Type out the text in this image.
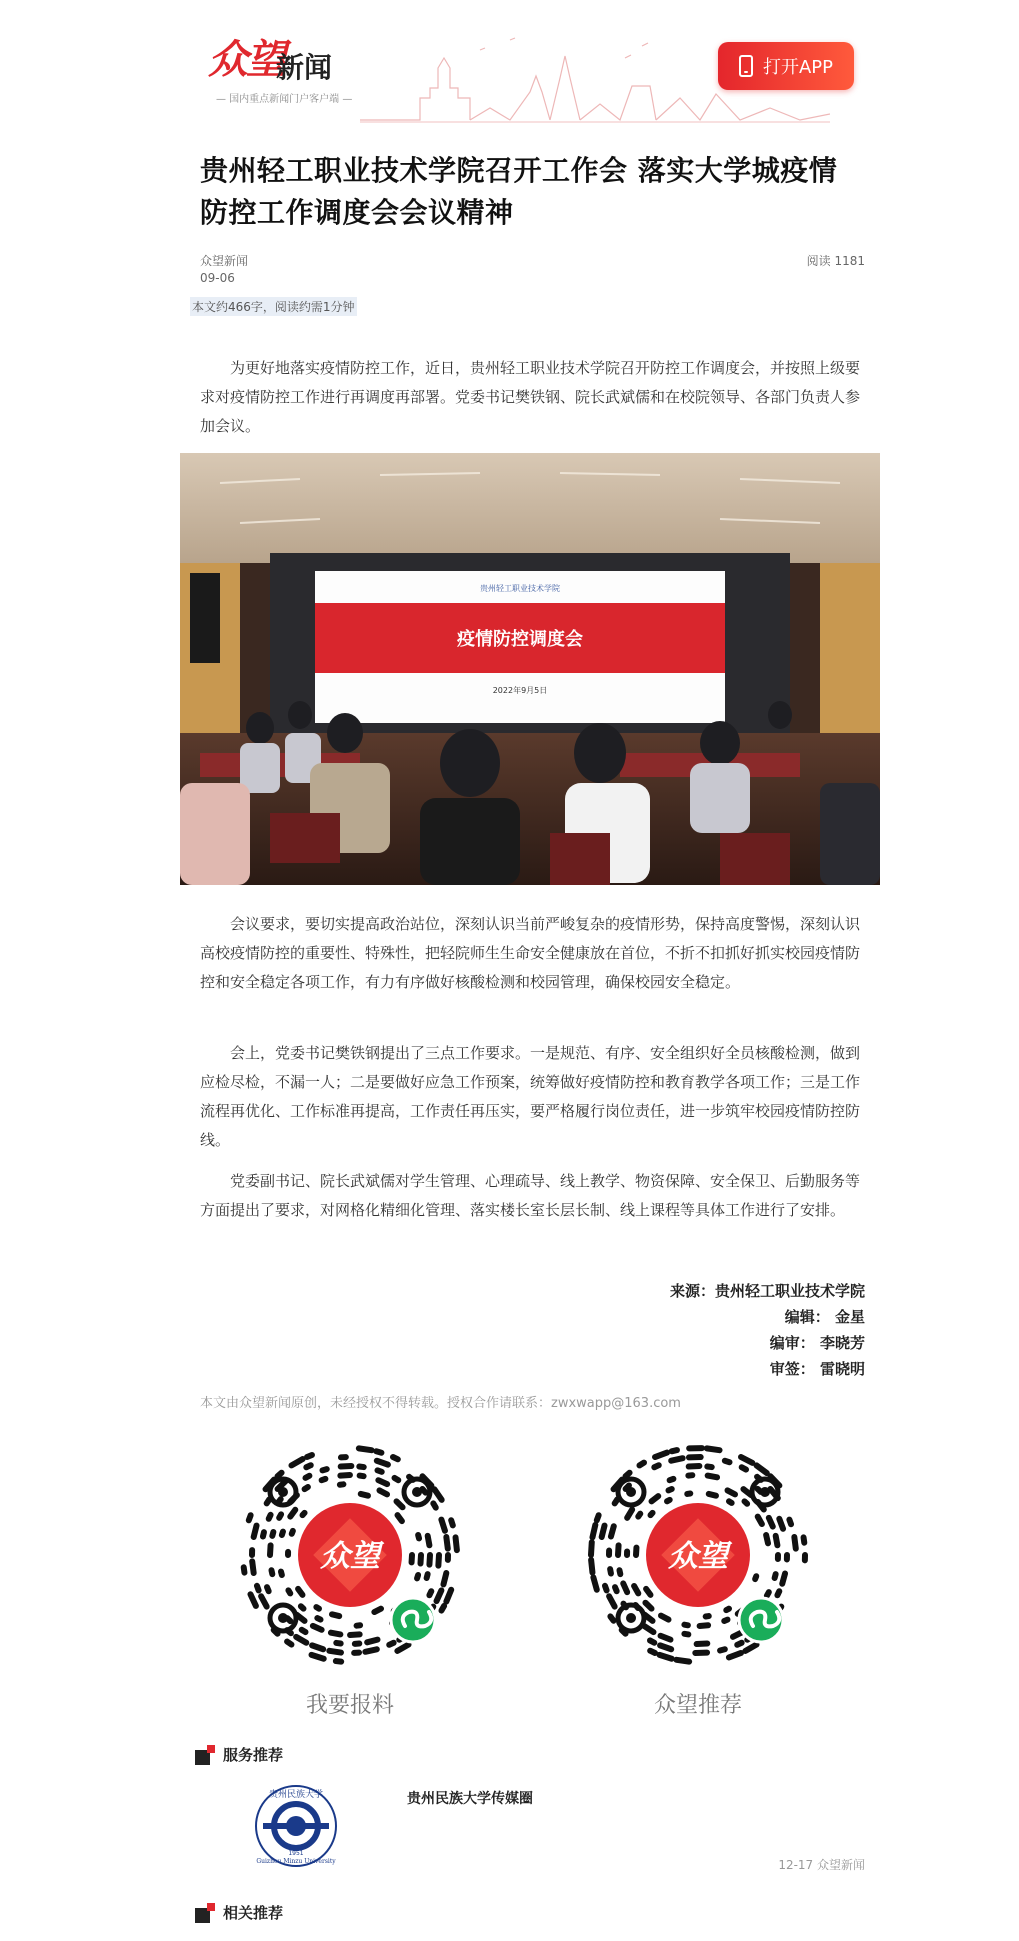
众望
新闻
— 国内重点新闻门户客户端 —
打开APP
贵州轻工职业技术学院召开工作会 落实大学城疫情防控工作调度会会议精神
众望新闻
09-06
阅读 1181
本文约466字，阅读约需1分钟

为更好地落实疫情防控工作，近日，贵州轻工职业技术学院召开防控工作调度会，并按照上级要求对疫情防控工作进行再调度再部署。党委书记樊铁钢、院长武斌儒和在校院领导、各部门负责人参加会议。

疫情防控调度会
贵州轻工职业技术学院
2022年9月5日

会议要求，要切实提高政治站位，深刻认识当前严峻复杂的疫情形势，保持高度警惕，深刻认识高校疫情防控的重要性、特殊性，把轻院师生生命安全健康放在首位，不折不扣抓好抓实校园疫情防控和安全稳定各项工作，有力有序做好核酸检测和校园管理，确保校园安全稳定。

会上，党委书记樊铁钢提出了三点工作要求。一是规范、有序、安全组织好全员核酸检测，做到应检尽检，不漏一人；二是要做好应急工作预案，统筹做好疫情防控和教育教学各项工作；三是工作流程再优化、工作标准再提高，工作责任再压实，要严格履行岗位责任，进一步筑牢校园疫情防控防线。

党委副书记、院长武斌儒对学生管理、心理疏导、线上教学、物资保障、安全保卫、后勤服务等方面提出了要求，对网格化精细化管理、落实楼长室长层长制、线上课程等具体工作进行了安排。

来源：贵州轻工职业技术学院
编辑： 金星
编审： 李晓芳
审签： 雷晓明
本文由众望新闻原创，未经授权不得转载。授权合作请联系：zwxwapp@163.com
众望
我要报料
众望
众望推荐
服务推荐
贵州民族大学
Guizhou Minzu University
1951
贵州民族大学传媒圈
12-17 众望新闻
相关推荐
